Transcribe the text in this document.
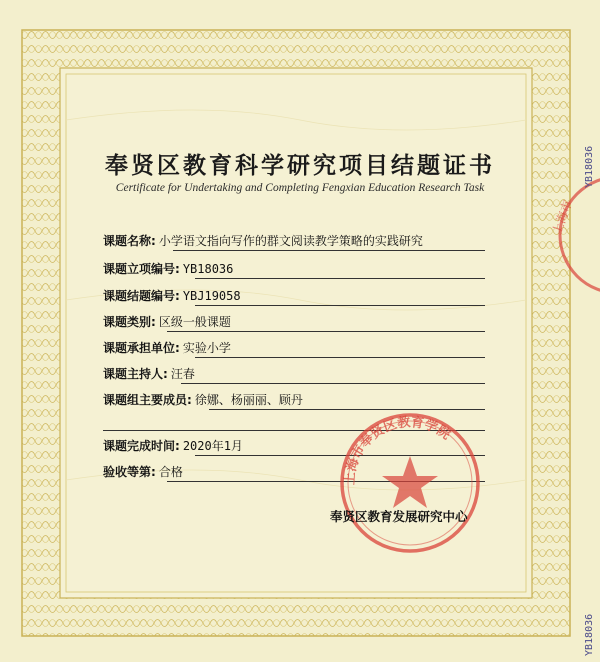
奉贤区教育科学研究项目结题证书
Certificate for Undertaking and Completing Fengxian Education Research Task
课题名称: 小学语文指向写作的群文阅读教学策略的实践研究
课题立项编号: YB18036
课题结题编号: YBJ19058
课题类别: 区级一般课题
课题承担单位: 实验小学
课题主持人: 汪春
课题组主要成员: 徐娜、杨丽丽、顾丹
课题完成时间: 2020年1月
验收等第: 合格	上海市奉贤区教育学院
奉贤区教育发展研究中心
上海市
YB18036
YB18036
